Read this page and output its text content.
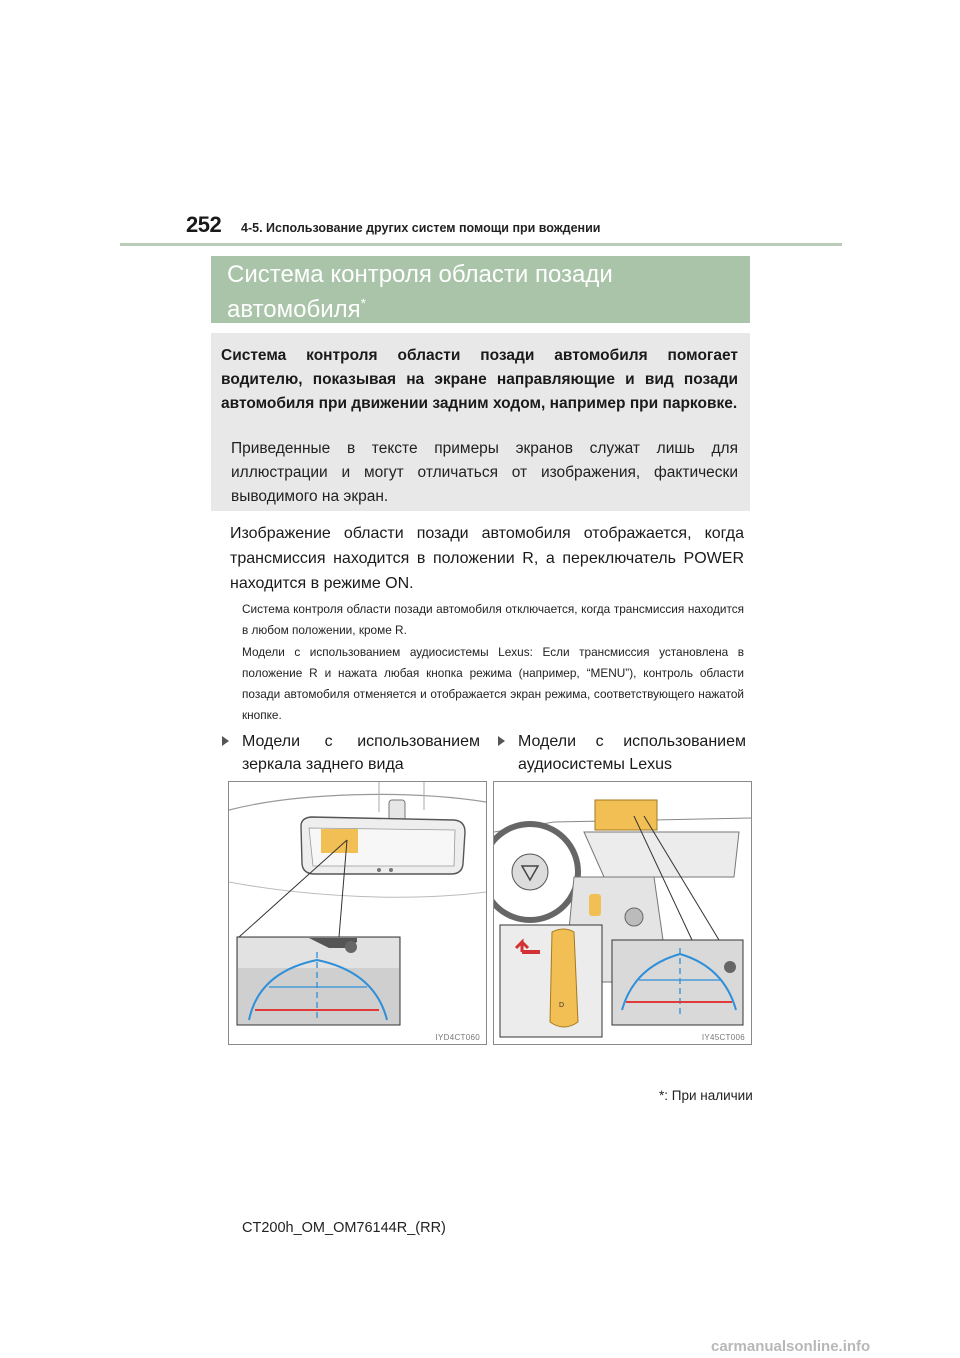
252 4-5. Использование других систем помощи при вождении
Система контроля области позади автомобиля*
Система контроля области позади автомобиля помогает водителю, показывая на экране направляющие и вид позади автомобиля при движении задним ходом, например при парковке.
Приведенные в тексте примеры экранов служат лишь для иллюстрации и могут отличаться от изображения, фактически выводимого на экран.
Изображение области позади автомобиля отображается, когда трансмиссия находится в положении R, а переключатель POWER находится в режиме ON.
Система контроля области позади автомобиля отключается, когда трансмиссия находится в любом положении, кроме R.
Модели с использованием аудиосистемы Lexus: Если трансмиссия установлена в положение R и нажата любая кнопка режима (например, “MENU”), контроль области позади автомобиля отменяется и отображается экран режима, соответствующего нажатой кнопке.
Модели с использованием зеркала заднего вида
Модели с использованием аудиосистемы Lexus
IYD4CT060
D
IY45CT006
*: При наличии
CT200h_OM_OM76144R_(RR)
carmanualsonline.info
